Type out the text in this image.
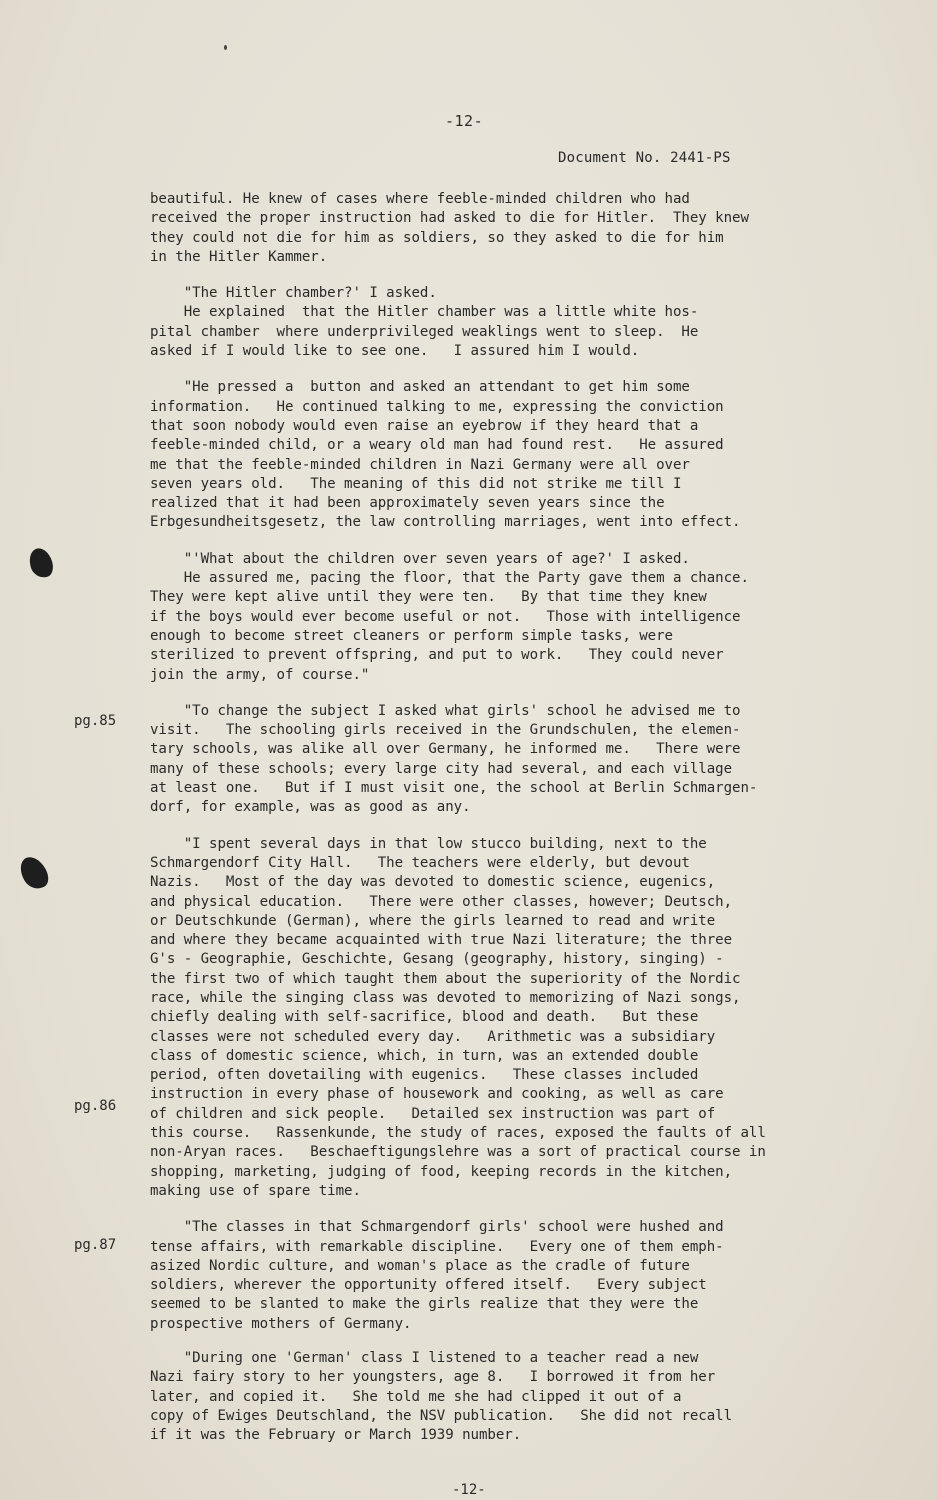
-12-
Document No. 2441-PS
pg.85
pg.86
pg.87

beautiful. He knew of cases where feeble-minded children who had
received the proper instruction had asked to die for Hitler.  They knew
they could not die for him as soldiers, so they asked to die for him
in the Hitler Kammer.

"The Hitler chamber?' I asked.
He explained  that the Hitler chamber was a little white hos-
pital chamber  where underprivileged weaklings went to sleep.  He
asked if I would like to see one.   I assured him I would.

"He pressed a  button and asked an attendant to get him some
information.   He continued talking to me, expressing the conviction
that soon nobody would even raise an eyebrow if they heard that a
feeble-minded child, or a weary old man had found rest.   He assured
me that the feeble-minded children in Nazi Germany were all over
seven years old.   The meaning of this did not strike me till I
realized that it had been approximately seven years since the
Erbgesundheitsgesetz, the law controlling marriages, went into effect.

"'What about the children over seven years of age?' I asked.
He assured me, pacing the floor, that the Party gave them a chance.
They were kept alive until they were ten.   By that time they knew
if the boys would ever become useful or not.   Those with intelligence
enough to become street cleaners or perform simple tasks, were
sterilized to prevent offspring, and put to work.   They could never
join the army, of course."

"To change the subject I asked what girls' school he advised me to
visit.   The schooling girls received in the Grundschulen, the elemen-
tary schools, was alike all over Germany, he informed me.   There were
many of these schools; every large city had several, and each village
at least one.   But if I must visit one, the school at Berlin Schmargen-
dorf, for example, was as good as any.

"I spent several days in that low stucco building, next to the
Schmargendorf City Hall.   The teachers were elderly, but devout
Nazis.   Most of the day was devoted to domestic science, eugenics,
and physical education.   There were other classes, however; Deutsch,
or Deutschkunde (German), where the girls learned to read and write
and where they became acquainted with true Nazi literature; the three
G's - Geographie, Geschichte, Gesang (geography, history, singing) -
the first two of which taught them about the superiority of the Nordic
race, while the singing class was devoted to memorizing of Nazi songs,
chiefly dealing with self-sacrifice, blood and death.   But these
classes were not scheduled every day.   Arithmetic was a subsidiary
class of domestic science, which, in turn, was an extended double
period, often dovetailing with eugenics.   These classes included
instruction in every phase of housework and cooking, as well as care
of children and sick people.   Detailed sex instruction was part of
this course.   Rassenkunde, the study of races, exposed the faults of all
non-Aryan races.   Beschaeftigungslehre was a sort of practical course in
shopping, marketing, judging of food, keeping records in the kitchen,
making use of spare time.

"The classes in that Schmargendorf girls' school were hushed and
tense affairs, with remarkable discipline.   Every one of them emph-
asized Nordic culture, and woman's place as the cradle of future
soldiers, wherever the opportunity offered itself.   Every subject
seemed to be slanted to make the girls realize that they were the
prospective mothers of Germany.

"During one 'German' class I listened to a teacher read a new
Nazi fairy story to her youngsters, age 8.   I borrowed it from her
later, and copied it.   She told me she had clipped it out of a
copy of Ewiges Deutschland, the NSV publication.   She did not recall
if it was the February or March 1939 number.

-12-
